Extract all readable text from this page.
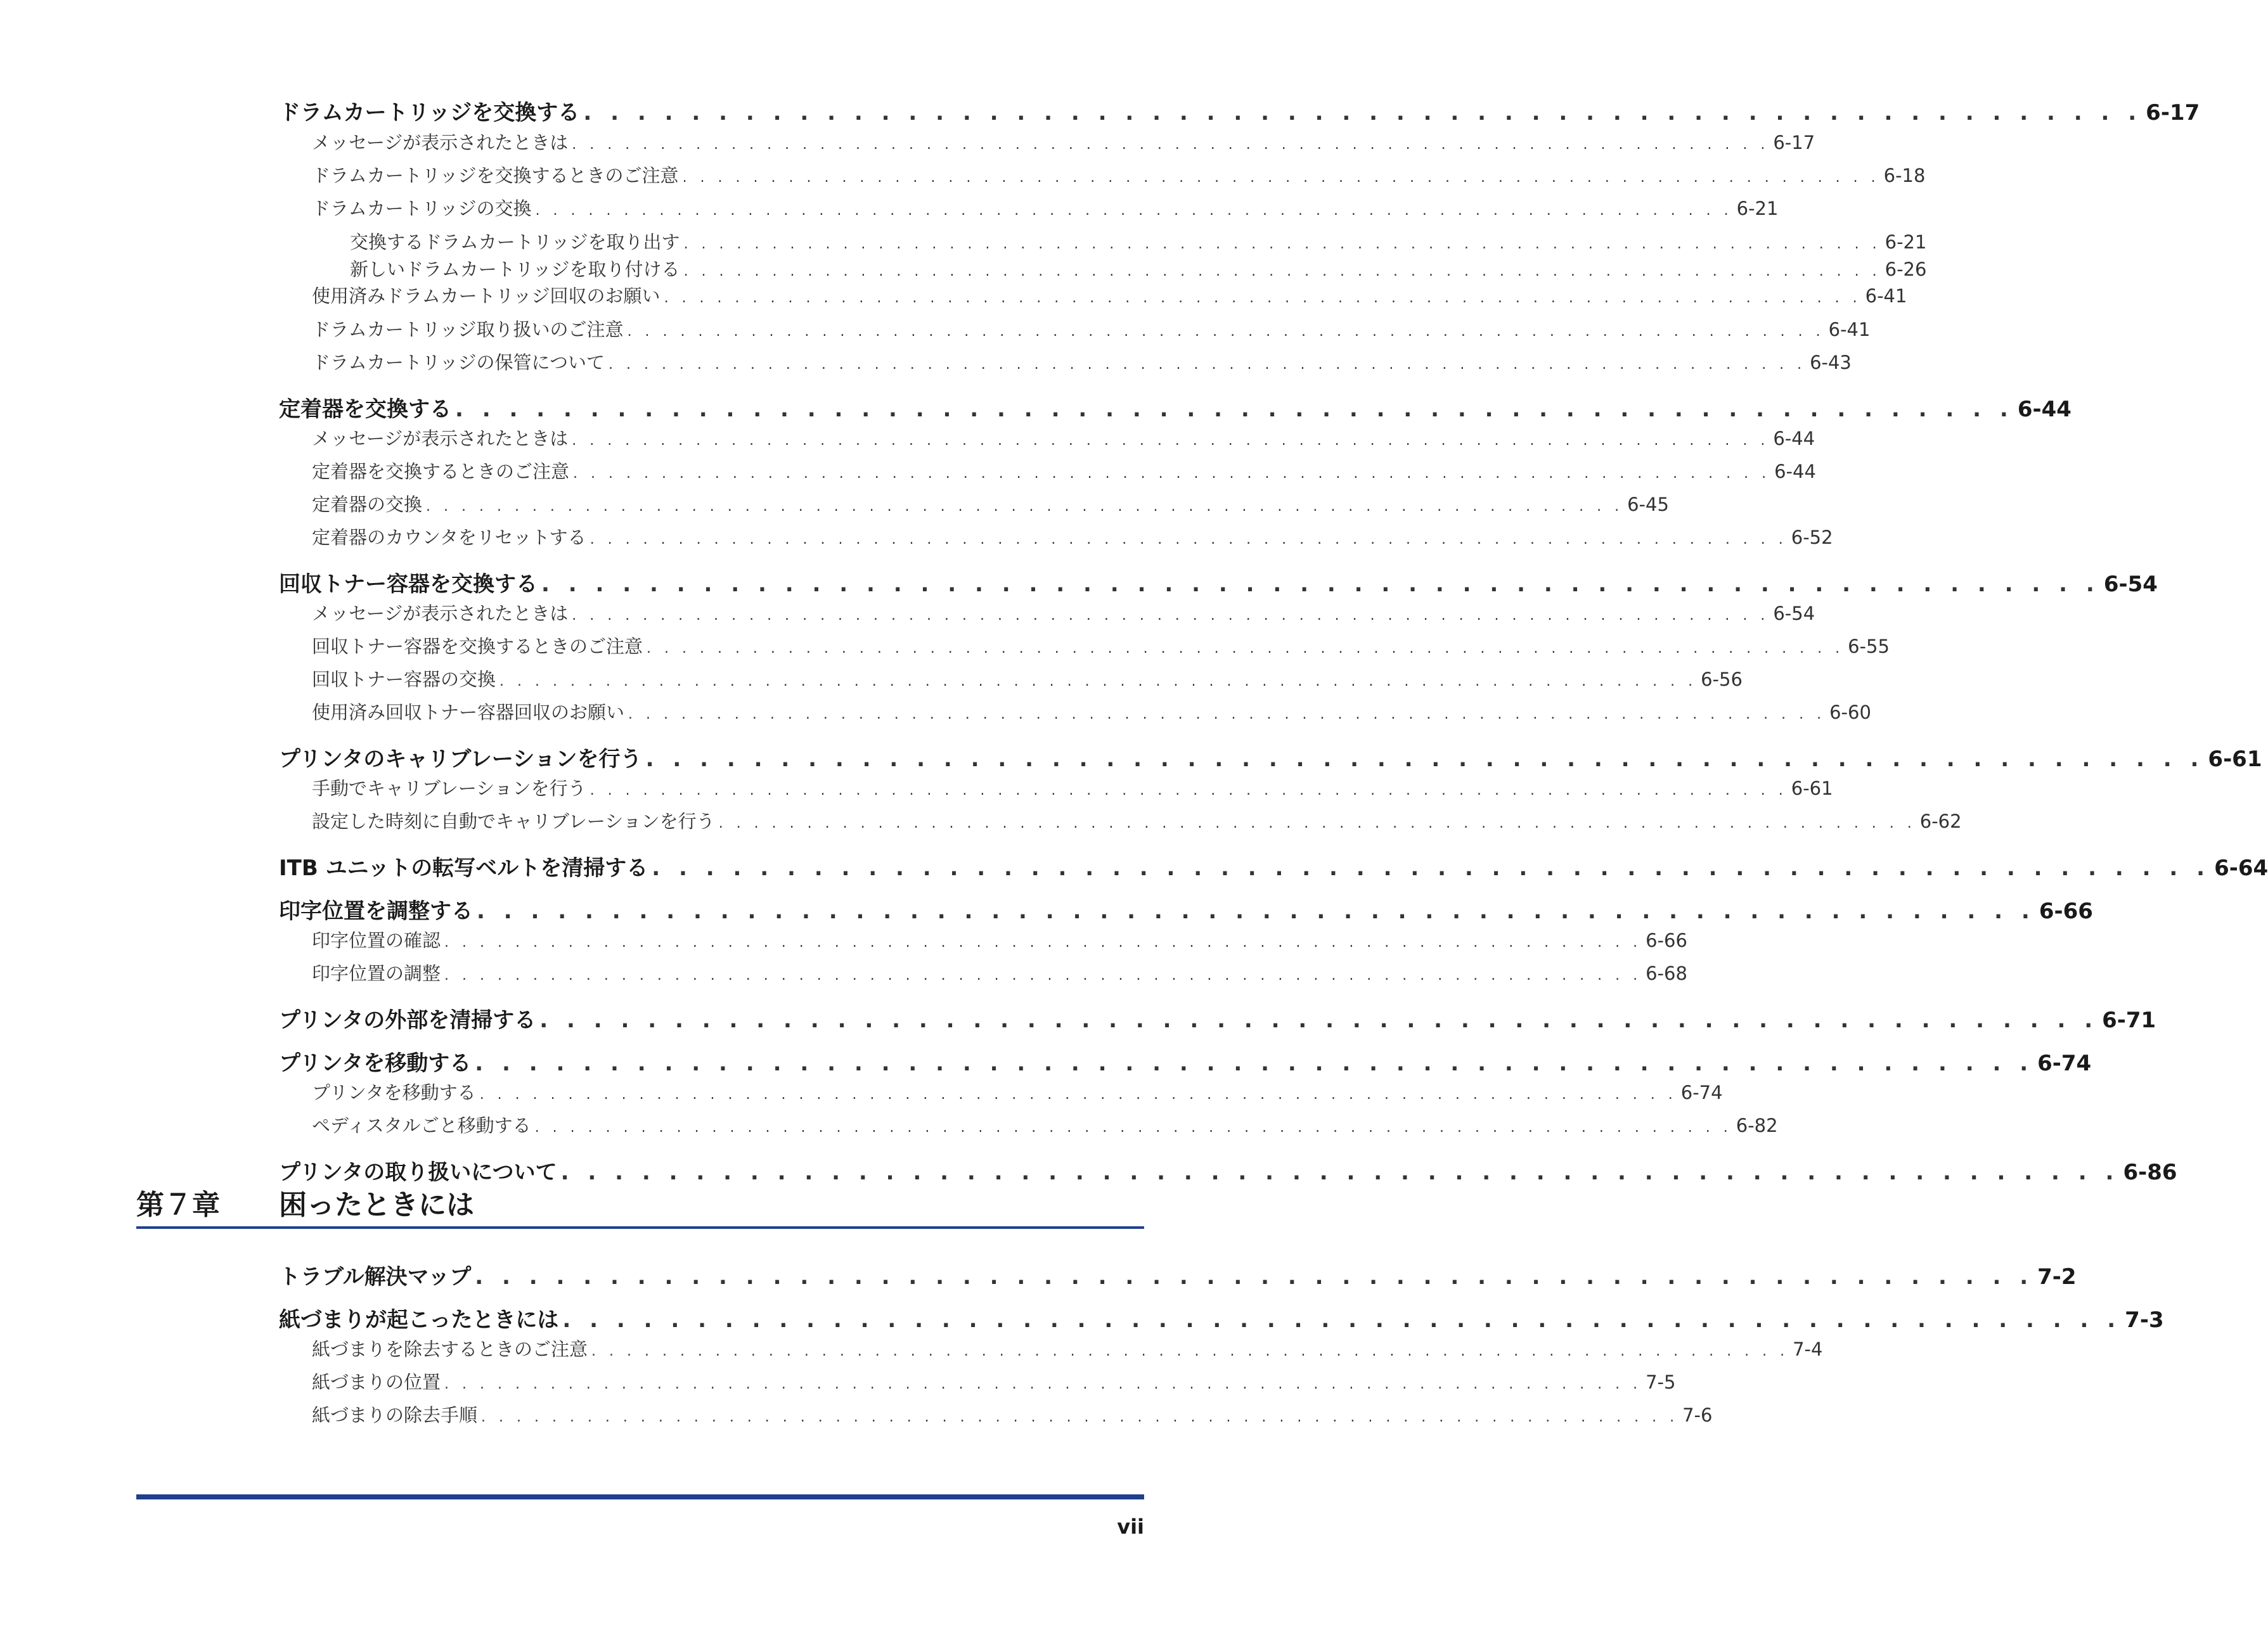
ドラムカートリッジを交換する . . . . . . . . . . . . . . . . . . . . . . . . . . . . . . . . . . . . . . . . . . . . . . . . . . . . . . . . . . 6-17
メッセージが表示されたときは . . . . . . . . . . . . . . . . . . . . . . . . . . . . . . . . . . . . . . . . . . . . . . . . . . . . . . . . . . . . . . . . . . . . 6-17
ドラムカートリッジを交換するときのご注意 . . . . . . . . . . . . . . . . . . . . . . . . . . . . . . . . . . . . . . . . . . . . . . . . . . . . . . . . . . . . . . . . . . . . 6-18
ドラムカートリッジの交換 . . . . . . . . . . . . . . . . . . . . . . . . . . . . . . . . . . . . . . . . . . . . . . . . . . . . . . . . . . . . . . . . . . . . 6-21
交換するドラムカートリッジを取り出す . . . . . . . . . . . . . . . . . . . . . . . . . . . . . . . . . . . . . . . . . . . . . . . . . . . . . . . . . . . . . . . . . . . . 6-21
新しいドラムカートリッジを取り付ける . . . . . . . . . . . . . . . . . . . . . . . . . . . . . . . . . . . . . . . . . . . . . . . . . . . . . . . . . . . . . . . . . . . . 6-26
使用済みドラムカートリッジ回収のお願い . . . . . . . . . . . . . . . . . . . . . . . . . . . . . . . . . . . . . . . . . . . . . . . . . . . . . . . . . . . . . . . . . . . . 6-41
ドラムカートリッジ取り扱いのご注意 . . . . . . . . . . . . . . . . . . . . . . . . . . . . . . . . . . . . . . . . . . . . . . . . . . . . . . . . . . . . . . . . . . . . 6-41
ドラムカートリッジの保管について . . . . . . . . . . . . . . . . . . . . . . . . . . . . . . . . . . . . . . . . . . . . . . . . . . . . . . . . . . . . . . . . . . . . 6-43
定着器を交換する . . . . . . . . . . . . . . . . . . . . . . . . . . . . . . . . . . . . . . . . . . . . . . . . . . . . . . . . . . 6-44
メッセージが表示されたときは . . . . . . . . . . . . . . . . . . . . . . . . . . . . . . . . . . . . . . . . . . . . . . . . . . . . . . . . . . . . . . . . . . . . 6-44
定着器を交換するときのご注意 . . . . . . . . . . . . . . . . . . . . . . . . . . . . . . . . . . . . . . . . . . . . . . . . . . . . . . . . . . . . . . . . . . . . 6-44
定着器の交換 . . . . . . . . . . . . . . . . . . . . . . . . . . . . . . . . . . . . . . . . . . . . . . . . . . . . . . . . . . . . . . . . . . . . 6-45
定着器のカウンタをリセットする . . . . . . . . . . . . . . . . . . . . . . . . . . . . . . . . . . . . . . . . . . . . . . . . . . . . . . . . . . . . . . . . . . . . 6-52
回収トナー容器を交換する . . . . . . . . . . . . . . . . . . . . . . . . . . . . . . . . . . . . . . . . . . . . . . . . . . . . . . . . . . 6-54
メッセージが表示されたときは . . . . . . . . . . . . . . . . . . . . . . . . . . . . . . . . . . . . . . . . . . . . . . . . . . . . . . . . . . . . . . . . . . . . 6-54
回収トナー容器を交換するときのご注意 . . . . . . . . . . . . . . . . . . . . . . . . . . . . . . . . . . . . . . . . . . . . . . . . . . . . . . . . . . . . . . . . . . . . 6-55
回収トナー容器の交換 . . . . . . . . . . . . . . . . . . . . . . . . . . . . . . . . . . . . . . . . . . . . . . . . . . . . . . . . . . . . . . . . . . . . 6-56
使用済み回収トナー容器回収のお願い . . . . . . . . . . . . . . . . . . . . . . . . . . . . . . . . . . . . . . . . . . . . . . . . . . . . . . . . . . . . . . . . . . . . 6-60
プリンタのキャリブレーションを行う . . . . . . . . . . . . . . . . . . . . . . . . . . . . . . . . . . . . . . . . . . . . . . . . . . . . . . . . . . 6-61
手動でキャリブレーションを行う . . . . . . . . . . . . . . . . . . . . . . . . . . . . . . . . . . . . . . . . . . . . . . . . . . . . . . . . . . . . . . . . . . . . 6-61
設定した時刻に自動でキャリブレーションを行う . . . . . . . . . . . . . . . . . . . . . . . . . . . . . . . . . . . . . . . . . . . . . . . . . . . . . . . . . . . . . . . . . . . . 6-62
ITB ユニットの転写ベルトを清掃する . . . . . . . . . . . . . . . . . . . . . . . . . . . . . . . . . . . . . . . . . . . . . . . . . . . . . . . . . . 6-64
印字位置を調整する . . . . . . . . . . . . . . . . . . . . . . . . . . . . . . . . . . . . . . . . . . . . . . . . . . . . . . . . . . 6-66
印字位置の確認 . . . . . . . . . . . . . . . . . . . . . . . . . . . . . . . . . . . . . . . . . . . . . . . . . . . . . . . . . . . . . . . . . . . . 6-66
印字位置の調整 . . . . . . . . . . . . . . . . . . . . . . . . . . . . . . . . . . . . . . . . . . . . . . . . . . . . . . . . . . . . . . . . . . . . 6-68
プリンタの外部を清掃する . . . . . . . . . . . . . . . . . . . . . . . . . . . . . . . . . . . . . . . . . . . . . . . . . . . . . . . . . . 6-71
プリンタを移動する . . . . . . . . . . . . . . . . . . . . . . . . . . . . . . . . . . . . . . . . . . . . . . . . . . . . . . . . . . 6-74
プリンタを移動する . . . . . . . . . . . . . . . . . . . . . . . . . . . . . . . . . . . . . . . . . . . . . . . . . . . . . . . . . . . . . . . . . . . . 6-74
ペディスタルごと移動する . . . . . . . . . . . . . . . . . . . . . . . . . . . . . . . . . . . . . . . . . . . . . . . . . . . . . . . . . . . . . . . . . . . . 6-82
プリンタの取り扱いについて . . . . . . . . . . . . . . . . . . . . . . . . . . . . . . . . . . . . . . . . . . . . . . . . . . . . . . . . . . 6-86
第７章 困ったときには
トラブル解決マップ . . . . . . . . . . . . . . . . . . . . . . . . . . . . . . . . . . . . . . . . . . . . . . . . . . . . . . . . . . 7-2
紙づまりが起こったときには . . . . . . . . . . . . . . . . . . . . . . . . . . . . . . . . . . . . . . . . . . . . . . . . . . . . . . . . . . 7-3
紙づまりを除去するときのご注意 . . . . . . . . . . . . . . . . . . . . . . . . . . . . . . . . . . . . . . . . . . . . . . . . . . . . . . . . . . . . . . . . . . . . 7-4
紙づまりの位置 . . . . . . . . . . . . . . . . . . . . . . . . . . . . . . . . . . . . . . . . . . . . . . . . . . . . . . . . . . . . . . . . . . . . 7-5
紙づまりの除去手順 . . . . . . . . . . . . . . . . . . . . . . . . . . . . . . . . . . . . . . . . . . . . . . . . . . . . . . . . . . . . . . . . . . . . 7-6
vii
